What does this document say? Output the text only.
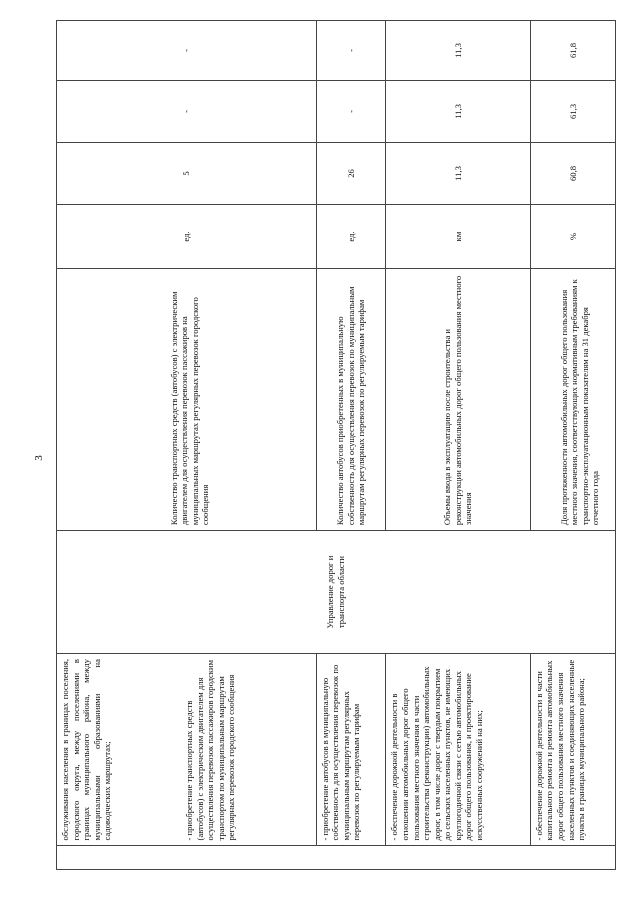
3

	обслуживания населения в границах поселения, городского округа, между поселениями в границах муниципального района, между муниципальными образованиями на садоводческих маршрутах; - приобретение транспортных средств (автобусов) с электрическим двигателем для осуществления перевозок пассажиров городским транспортом по муниципальным маршрутам регулярных перевозок городского сообщения	Управление дорог и транспорта области	Количество транспортных средств (автобусов) с электрическим двигателем для осуществления перевозок пассажиров на муниципальных маршрутах регулярных перевозок городского сообщения	ед.	5	-	-
	- приобретение автобусов в муниципальную собственность для осуществления перевозок по муниципальным маршрутам регулярных перевозок по регулируемым тарифам		Количество автобусов приобретенных в муниципальную собственность для осуществления перевозок по муниципальным маршрутам регулярных перевозок по регулируемым тарифам	ед.	26	-	-
	- обеспечение дорожной деятельности в отношении автомобильных дорог общего пользования местного значения в части строительства (реконструкции) автомобильных дорог, в том числе дорог с твердым покрытием до сельских населенных пунктов, не имеющих круглогодичной связи с сетью автомобильных дорог общего пользования, и проектирование искусственных сооружений на них;		Объемы ввода в эксплуатацию после строительства и реконструкции автомобильных дорог общего пользования местного значения	км	11,3	11,3	11,3
	- обеспечение дорожной деятельности в части капитального ремонта и ремонта автомобильных дорог общего пользования местного значения населенных пунктов и соединяющих населенные пункты в границах муниципального района;		Доля протяженности автомобильных дорог общего пользования местного значения, соответствующих нормативным требованиям к транспортно-эксплуатационным показателям на 31 декабря отчетного года	%	60,8	61,3	61,8
